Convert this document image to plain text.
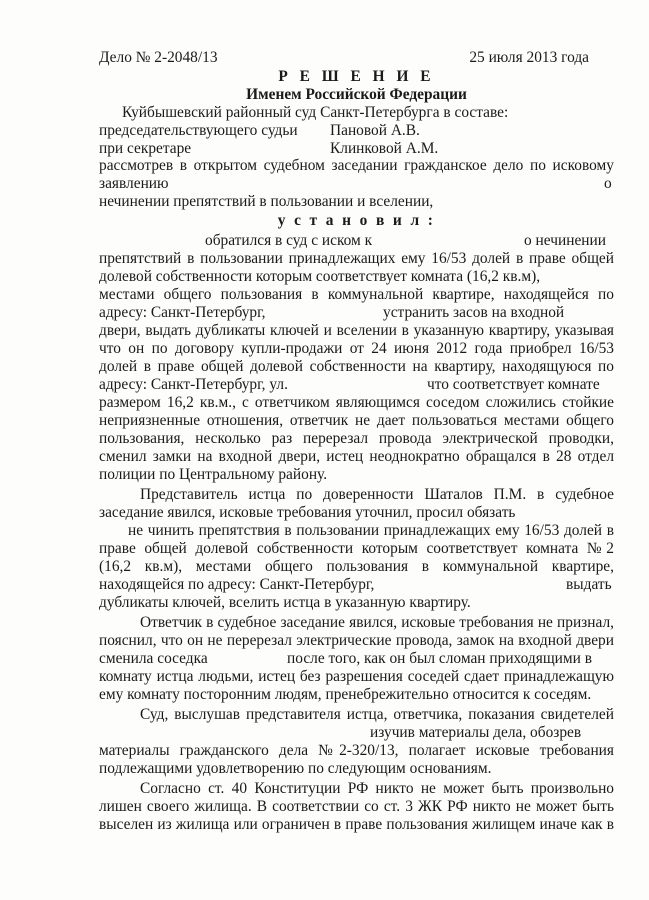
Дело № 2-2048/13	25 июля 2013 года
Р Е Ш Е Н И Е
Именем Российской Федерации
Куйбышевский районный суд Санкт-Петербурга в составе:
председательствующего судьи Пановой А.В.
при секретаре	Клинковой А.М.
рассмотрев в открытом судебном заседании гражданское дело по исковому
заявлению	о
нечинении препятствий в пользовании и вселении,
у с т а н о в и л :
обратился в суд с иском к	о нечинении
препятствий в пользовании принадлежащих ему 16/53 долей в праве общей
долевой собственности которым соответствует комната (16,2 кв.м),
местами общего пользования в коммунальной квартире, находящейся по
адресу: Санкт-Петербург,	устранить засов на входной
двери, выдать дубликаты ключей и вселении в указанную квартиру, указывая
что он по договору купли-продажи от 24 июня 2012 года приобрел 16/53
долей в праве общей долевой собственности на квартиру, находящуюся по
адресу: Санкт-Петербург, ул.	что соответствует комнате
размером 16,2 кв.м., с ответчиком являющимся соседом сложились стойкие
неприязненные отношения, ответчик не дает пользоваться местами общего
пользования, несколько раз перерезал провода электрической проводки,
сменил замки на входной двери, истец неоднократно обращался в 28 отдел
полиции по Центральному району.
Представитель истца по доверенности Шаталов П.М. в судебное
заседание явился, исковые требования уточнил, просил обязать
не чинить препятствия в пользовании принадлежащих ему 16/53 долей в
праве общей долевой собственности которым соответствует комната №2
(16,2 кв.м), местами общего пользования в коммунальной квартире,
находящейся по адресу: Санкт-Петербург,	выдать
дубликаты ключей, вселить истца в указанную квартиру.
Ответчик в судебное заседание явился, исковые требования не признал,
пояснил, что он не перерезал электрические провода, замок на входной двери
сменила соседка	после того, как он был сломан приходящими в
комнату истца людьми, истец без разрешения соседей сдает принадлежащую
ему комнату посторонним людям, пренебрежительно относится к соседям.
Суд, выслушав представителя истца, ответчика, показания свидетелей
изучив материалы дела, обозрев
материалы гражданского дела №2-320/13, полагает исковые требования
подлежащими удовлетворению по следующим основаниям.
Согласно ст. 40 Конституции РФ никто не может быть произвольно
лишен своего жилища. В соответствии со ст. 3 ЖК РФ никто не может быть
выселен из жилища или ограничен в праве пользования жилищем иначе как в
